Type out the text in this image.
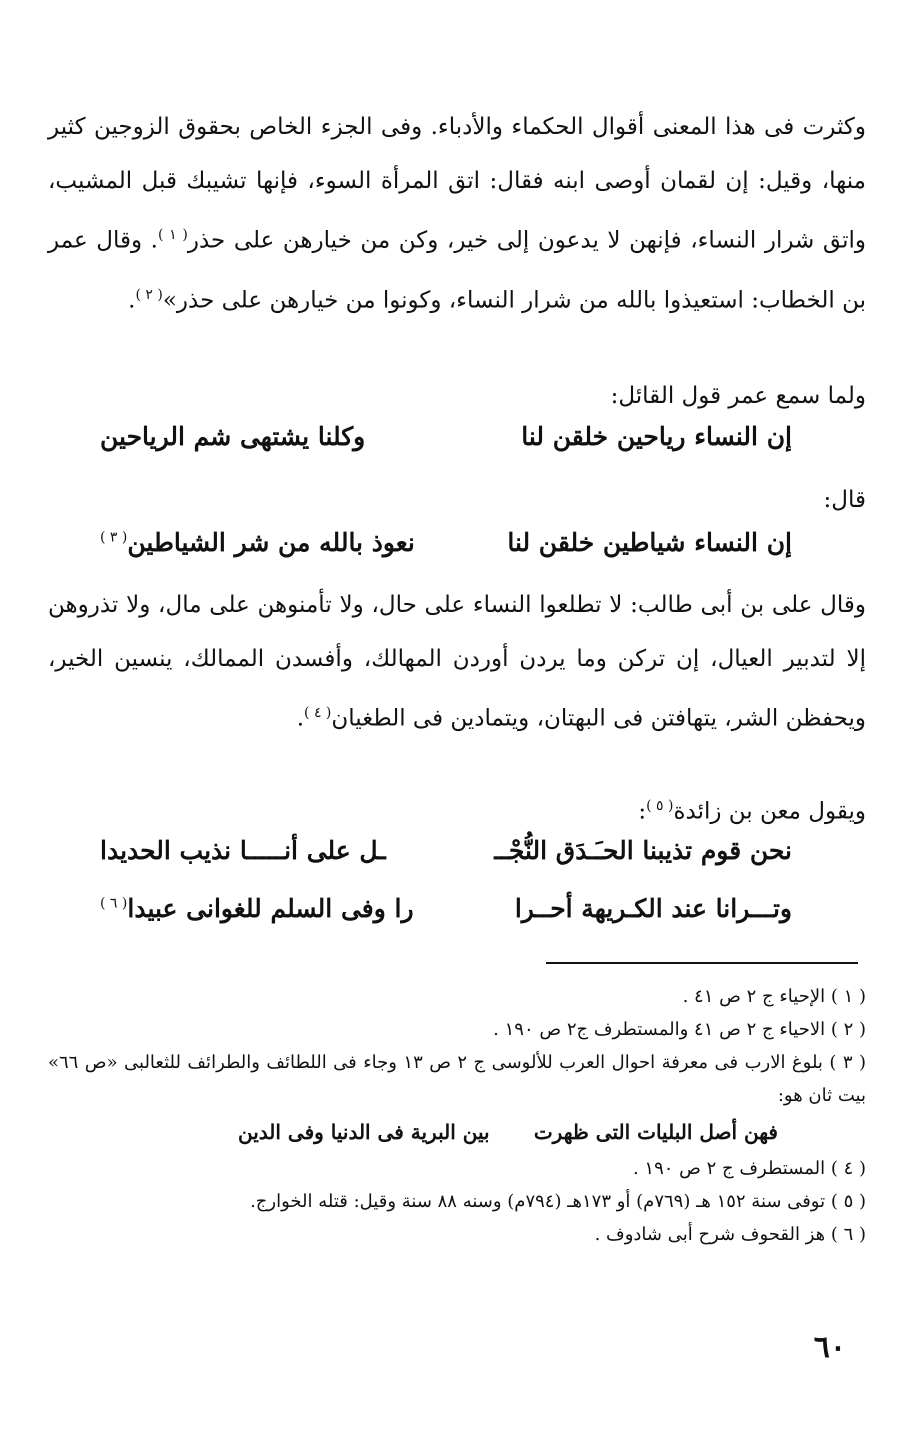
وكثرت فى هذا المعنى أقوال الحكماء والأدباء. وفى الجزء الخاص بحقوق الزوجين كثير منها، وقيل: إن لقمان أوصى ابنه فقال: اتق المرأة السوء، فإنها تشيبك قبل المشيب، واتق شرار النساء، فإنهن لا يدعون إلى خير، وكن من خيارهن على حذر$^{( ١ )}$. وقال عمر بن الخطاب: استعيذوا بالله من شرار النساء، وكونوا من خيارهن على حذر»$^{( ٢ )}$.
ولما سمع عمر قول القائل:
إن النساء رياحين خلقن لنا
وكلنا يشتهى شم الرياحين
قال:
إن النساء شياطين خلقن لنا
نعوذ بالله من شر الشياطين$^{( ٣ )}$
وقال على بن أبى طالب: لا تطلعوا النساء على حال، ولا تأمنوهن على مال، ولا تذروهن إلا لتدبير العيال، إن تركن وما يردن أوردن المهالك، وأفسدن الممالك، ينسين الخير، ويحفظن الشر، يتهافتن فى البهتان، ويتمادين فى الطغيان$^{( ٤ )}$.
ويقول معن بن زائدة$^{( ٥ )}$:
نحن قوم تذيبنا الحـَـدَق النُّجْــ
ـل على أنـــــا نذيب الحديدا
وتـــرانا عند الكـريهة أحــرا
را وفى السلم للغوانى عبيدا$^{( ٦ )}$
( ١ ) الإحياء ج ٢ ص ٤١ .
( ٢ ) الاحياء ج ٢ ص ٤١ والمستطرف ج٢ ص ١٩٠ .
( ٣ ) بلوغ الارب فى معرفة احوال العرب للألوسى ج ٢ ص ١٣ وجاء فى اللطائف والطرائف للثعالبى «ص ٦٦» بيت ثان هو:
فهن أصل البليات التى ظهرت
بين البرية فى الدنيا وفى الدين
( ٤ ) المستطرف ج ٢ ص ١٩٠ .
( ٥ ) توفى سنة ١٥٢ هـ (٧٦٩م) أو ١٧٣هـ (٧٩٤م) وسنه ٨٨ سنة وقيل: قتله الخوارج.
( ٦ ) هز القحوف شرح أبى شادوف .
٦٠
